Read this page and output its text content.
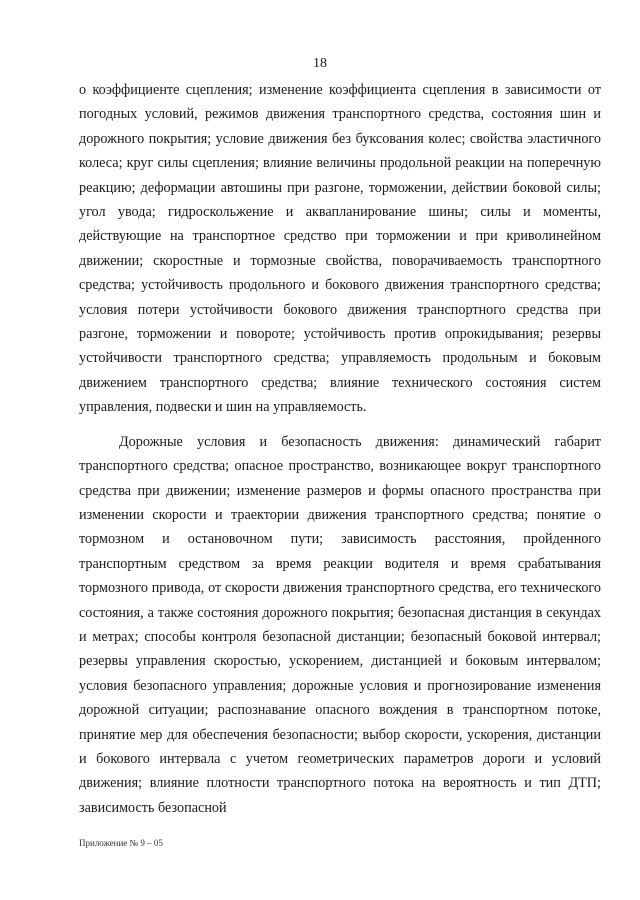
18

о коэффициенте сцепления; изменение коэффициента сцепления в зависимости от погодных условий, режимов движения транспортного средства, состояния шин и дорожного покрытия; условие движения без буксования колес; свойства эластичного колеса; круг силы сцепления; влияние величины продольной реакции на поперечную реакцию; деформации автошины при разгоне, торможении, действии боковой силы; угол увода; гидроскольжение и аквапланирование шины; силы и моменты, действующие на транспортное средство при торможении и при криволинейном движении; скоростные и тормозные свойства, поворачиваемость транспортного средства; устойчивость продольного и бокового движения транспортного средства; условия потери устойчивости бокового движения транспортного средства при разгоне, торможении и повороте; устойчивость против опрокидывания; резервы устойчивости транспортного средства; управляемость продольным и боковым движением транспортного средства; влияние технического состояния систем управления, подвески и шин на управляемость.

Дорожные условия и безопасность движения: динамический габарит транспортного средства; опасное пространство, возникающее вокруг транспортного средства при движении; изменение размеров и формы опасного пространства при изменении скорости и траектории движения транспортного средства; понятие о тормозном и остановочном пути; зависимость расстояния, пройденного транспортным средством за время реакции водителя и время срабатывания тормозного привода, от скорости движения транспортного средства, его технического состояния, а также состояния дорожного покрытия; безопасная дистанция в секундах и метрах; способы контроля безопасной дистанции; безопасный боковой интервал; резервы управления скоростью, ускорением, дистанцией и боковым интервалом; условия безопасного управления; дорожные условия и прогнозирование изменения дорожной ситуации; распознавание опасного вождения в транспортном потоке, принятие мер для обеспечения безопасности; выбор скорости, ускорения, дистанции и бокового интервала с учетом геометрических параметров дороги и условий движения; влияние плотности транспортного потока на вероятность и тип ДТП; зависимость безопасной

Приложение № 9 – 05
